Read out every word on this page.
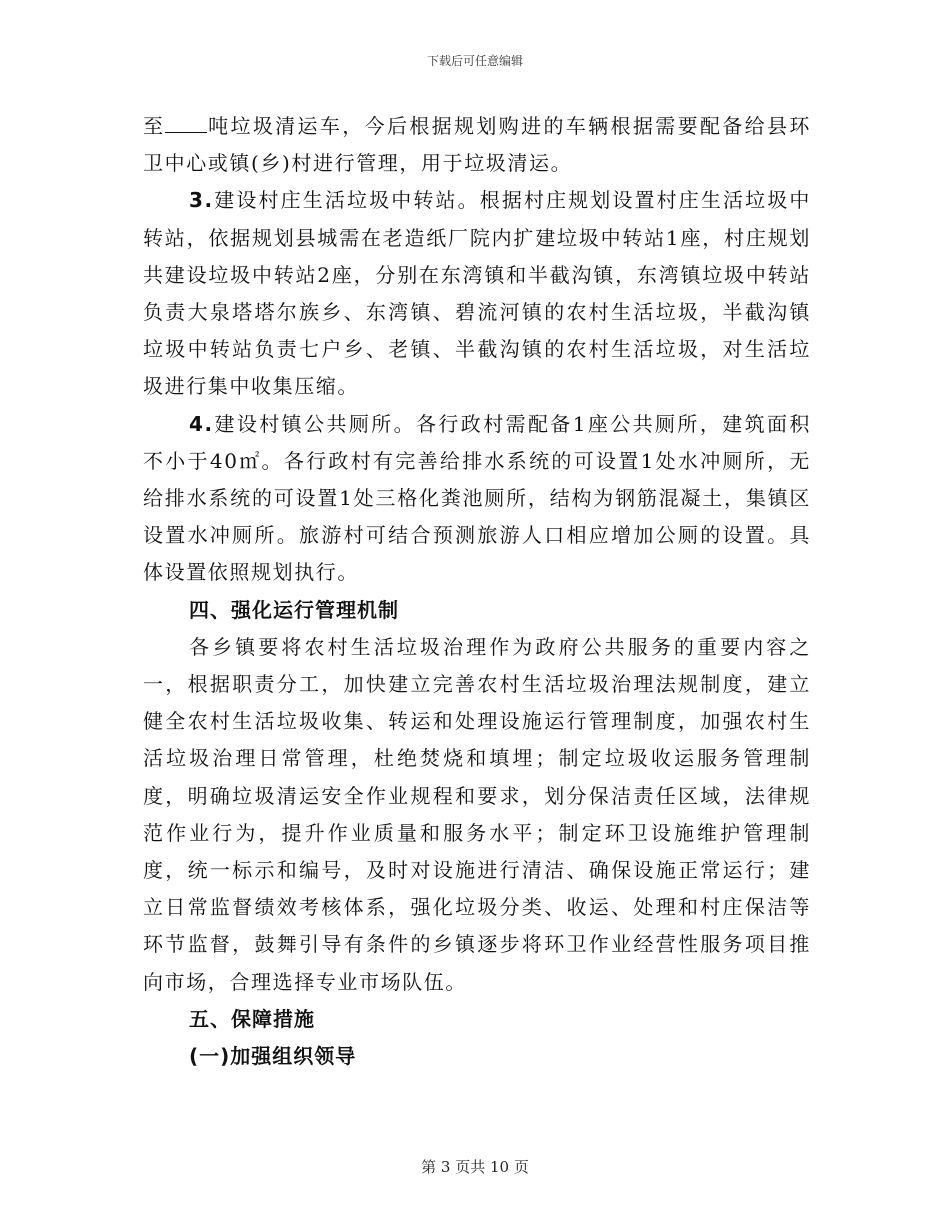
下载后可任意编辑

至 吨垃圾清运车，今后根据规划购进的车辆根据需要配备给县环卫中心或镇(乡)村进行管理，用于垃圾清运。

3.建设村庄生活垃圾中转站。根据村庄规划设置村庄生活垃圾中转站，依据规划县城需在老造纸厂院内扩建垃圾中转站1座，村庄规划共建设垃圾中转站2座，分别在东湾镇和半截沟镇，东湾镇垃圾中转站负责大泉塔塔尔族乡、东湾镇、碧流河镇的农村生活垃圾，半截沟镇垃圾中转站负责七户乡、老镇、半截沟镇的农村生活垃圾，对生活垃圾进行集中收集压缩。

4.建设村镇公共厕所。各行政村需配备1座公共厕所，建筑面积不小于40㎡。各行政村有完善给排水系统的可设置1处水冲厕所，无给排水系统的可设置1处三格化粪池厕所，结构为钢筋混凝土，集镇区设置水冲厕所。旅游村可结合预测旅游人口相应增加公厕的设置。具体设置依照规划执行。

四、强化运行管理机制

各乡镇要将农村生活垃圾治理作为政府公共服务的重要内容之一，根据职责分工，加快建立完善农村生活垃圾治理法规制度，建立健全农村生活垃圾收集、转运和处理设施运行管理制度，加强农村生活垃圾治理日常管理，杜绝焚烧和填埋；制定垃圾收运服务管理制度，明确垃圾清运安全作业规程和要求，划分保洁责任区域，法律规范作业行为，提升作业质量和服务水平；制定环卫设施维护管理制度，统一标示和编号，及时对设施进行清洁、确保设施正常运行；建立日常监督绩效考核体系，强化垃圾分类、收运、处理和村庄保洁等环节监督，鼓舞引导有条件的乡镇逐步将环卫作业经营性服务项目推向市场，合理选择专业市场队伍。

五、保障措施

(一)加强组织领导

第 3 页共 10 页
